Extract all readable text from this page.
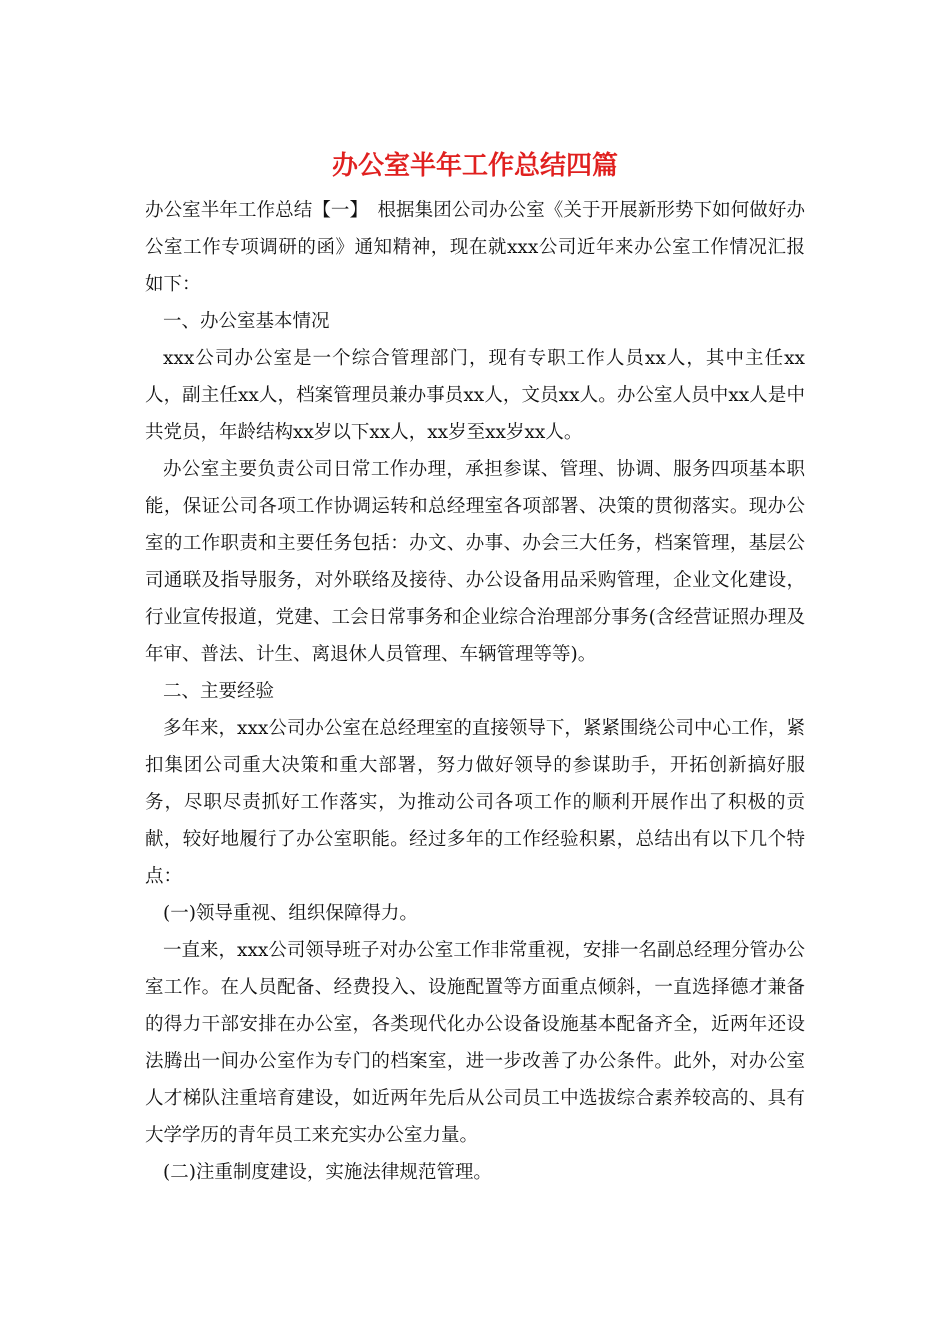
办公室半年工作总结四篇

办公室半年工作总结【一】　根据集团公司办公室《关于开展新形势下如何做好办公室工作专项调研的函》通知精神，现在就xxx公司近年来办公室工作情况汇报如下：

一、办公室基本情况

xxx公司办公室是一个综合管理部门，现有专职工作人员xx人，其中主任xx人，副主任xx人，档案管理员兼办事员xx人，文员xx人。办公室人员中xx人是中共党员，年龄结构xx岁以下xx人，xx岁至xx岁xx人。

办公室主要负责公司日常工作办理，承担参谋、管理、协调、服务四项基本职能，保证公司各项工作协调运转和总经理室各项部署、决策的贯彻落实。现办公室的工作职责和主要任务包括：办文、办事、办会三大任务，档案管理，基层公司通联及指导服务，对外联络及接待、办公设备用品采购管理，企业文化建设，行业宣传报道，党建、工会日常事务和企业综合治理部分事务(含经营证照办理及年审、普法、计生、离退休人员管理、车辆管理等等)。

二、主要经验

多年来，xxx公司办公室在总经理室的直接领导下，紧紧围绕公司中心工作，紧扣集团公司重大决策和重大部署，努力做好领导的参谋助手，开拓创新搞好服务，尽职尽责抓好工作落实，为推动公司各项工作的顺利开展作出了积极的贡献，较好地履行了办公室职能。经过多年的工作经验积累，总结出有以下几个特点：

(一)领导重视、组织保障得力。

一直来，xxx公司领导班子对办公室工作非常重视，安排一名副总经理分管办公室工作。在人员配备、经费投入、设施配置等方面重点倾斜，一直选择德才兼备的得力干部安排在办公室，各类现代化办公设备设施基本配备齐全，近两年还设法腾出一间办公室作为专门的档案室，进一步改善了办公条件。此外，对办公室人才梯队注重培育建设，如近两年先后从公司员工中选拔综合素养较高的、具有大学学历的青年员工来充实办公室力量。

(二)注重制度建设，实施法律规范管理。
